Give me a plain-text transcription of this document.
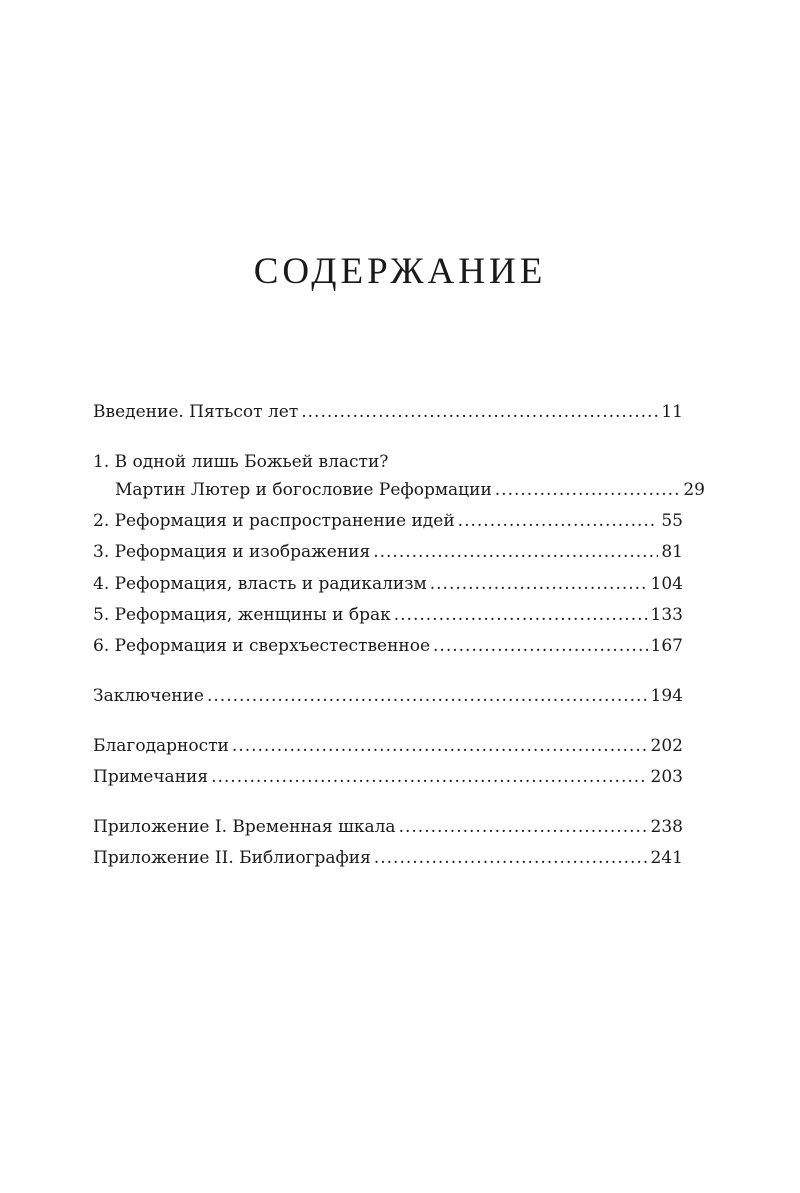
СОДЕРЖАНИЕ
Введение. Пятьсот лет .....	11
1. В одной лишь Божьей власти?
Мартин Лютер и богословие Реформации .....	29
2. Реформация и распространение идей .....	55
3. Реформация и изображения .....	81
4. Реформация, власть и радикализм .....	104
5. Реформация, женщины и брак .....	133
6. Реформация и сверхъестественное .....	167
Заключение .....	194
Благодарности .....	202
Примечания .....	203
Приложение I. Временная шкала .....	238
Приложение II. Библиография .....	241
